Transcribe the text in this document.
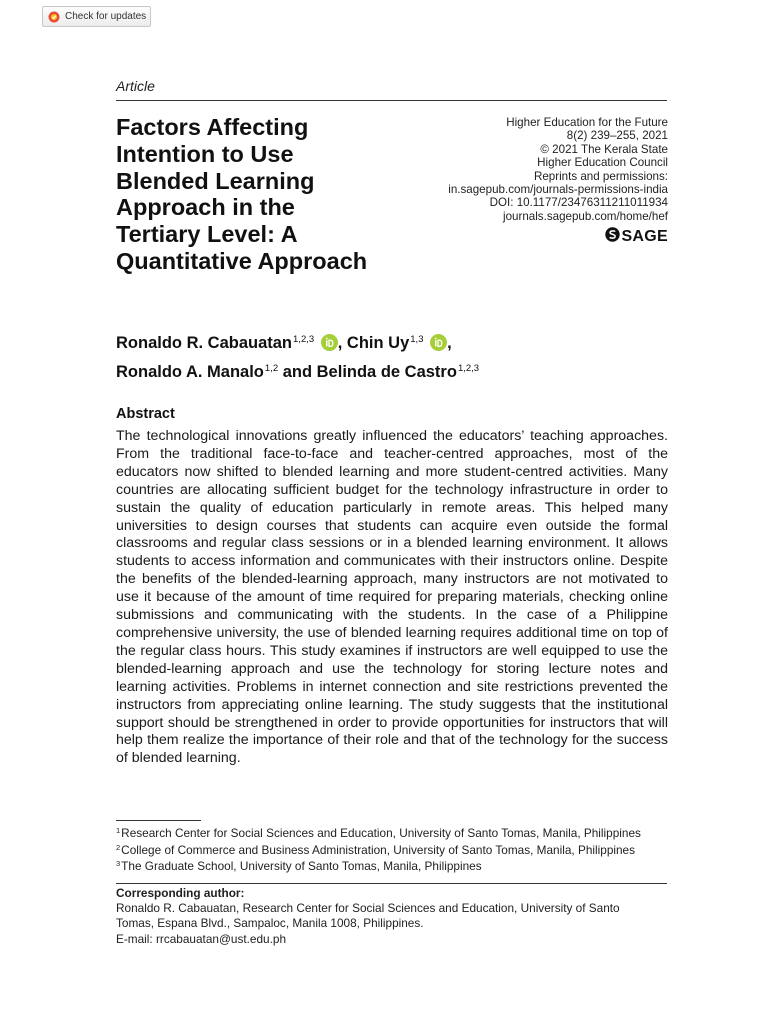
Check for updates
Article
Factors Affecting
Intention to Use
Blended Learning
Approach in the
Tertiary Level: A
Quantitative Approach
Higher Education for the Future
8(2) 239–255, 2021
© 2021 The Kerala State
Higher Education Council
Reprints and permissions:
in.sagepub.com/journals-permissions-india
DOI: 10.1177/2347631121101​1934
journals.sagepub.com/home/hef
SAGE
Ronaldo R. Cabauatan$^{1,2,3}$ , Chin Uy$^{1,3}$ ,
Ronaldo A. Manalo$^{1,2}$ and Belinda de Castro$^{1,2,3}$
Abstract
The technological innovations greatly influenced the educators’ teaching approaches. From the traditional face-to-face and teacher-centred approaches, most of the educators now shifted to blended learning and more student-centred activities. Many countries are allocating sufficient budget for the technology infrastructure in order to sustain the quality of education particularly in remote areas. This helped many universities to design courses that students can acquire even outside the formal classrooms and regular class sessions or in a blended learning environment. It allows students to access information and communicates with their instructors online. Despite the benefits of the blended-learning approach, many instructors are not motivated to use it because of the amount of time required for preparing materials, checking online submissions and communicating with the students. In the case of a Philippine comprehensive university, the use of blended learning requires additional time on top of the regular class hours. This study examines if instructors are well equipped to use the blended-learning approach and use the technology for storing lecture notes and learning activities. Problems in internet connection and site restrictions prevented the instructors from appreciating online learning. The study suggests that the institutional support should be strengthened in order to provide opportunities for instructors that will help them realize the importance of their role and that of the technology for the success of blended learning.
$^1$Research Center for Social Sciences and Education, University of Santo Tomas, Manila, Philippines
$^2$College of Commerce and Business Administration, University of Santo Tomas, Manila, Philippines
$^3$The Graduate School, University of Santo Tomas, Manila, Philippines
Corresponding author:
Ronaldo R. Cabauatan, Research Center for Social Sciences and Education, University of Santo
Tomas, Espana Blvd., Sampaloc, Manila 1008, Philippines.
E-mail: rrcabauatan@ust.edu.ph
